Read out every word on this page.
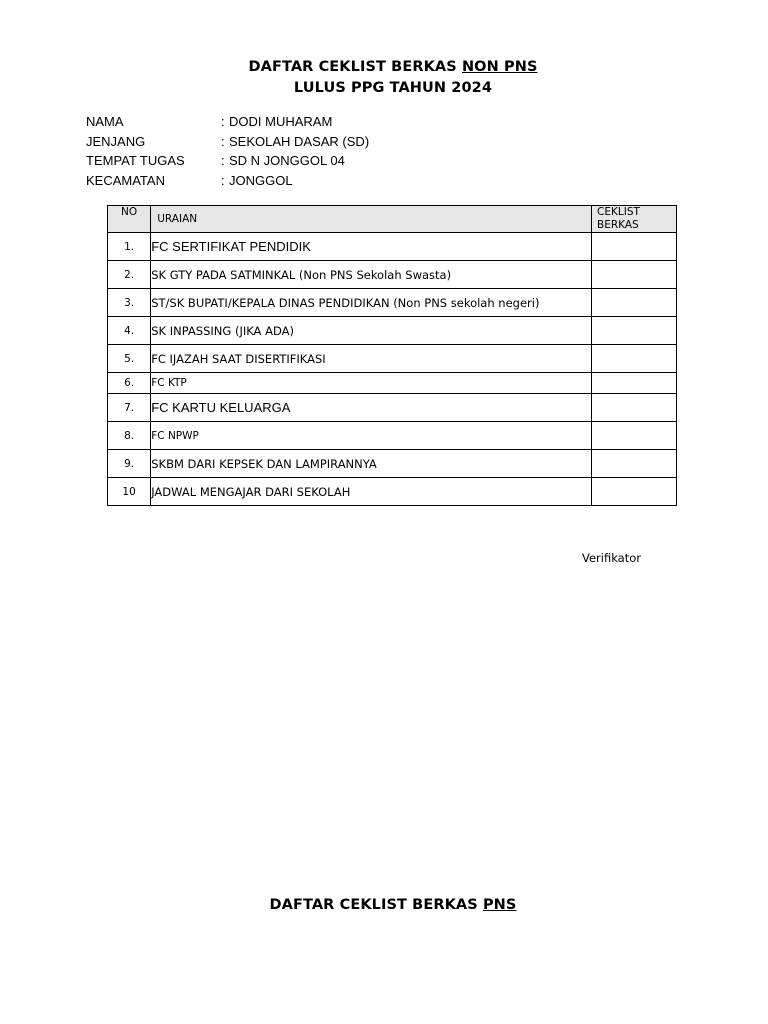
DAFTAR CEKLIST BERKAS NON PNS
LULUS PPG TAHUN 2024
NAMA	: DODI MUHARAM
JENJANG	: SEKOLAH DASAR (SD)
TEMPAT TUGAS	: SD N JONGGOL 04
KECAMATAN	: JONGGOL
NO	URAIAN	CEKLIST
BERKAS
1.	FC SERTIFIKAT PENDIDIK	
2.	SK GTY PADA SATMINKAL (Non PNS Sekolah Swasta)	
3.	ST/SK BUPATI/KEPALA DINAS PENDIDIKAN (Non PNS sekolah negeri)	
4.	SK INPASSING (JIKA ADA)	
5.	FC IJAZAH SAAT DISERTIFIKASI	
6.	FC KTP	
7.	FC KARTU KELUARGA	
8.	FC NPWP	
9.	SKBM DARI KEPSEK DAN LAMPIRANNYA	
10	JADWAL MENGAJAR DARI SEKOLAH	
Verifikator
DAFTAR CEKLIST BERKAS PNS
